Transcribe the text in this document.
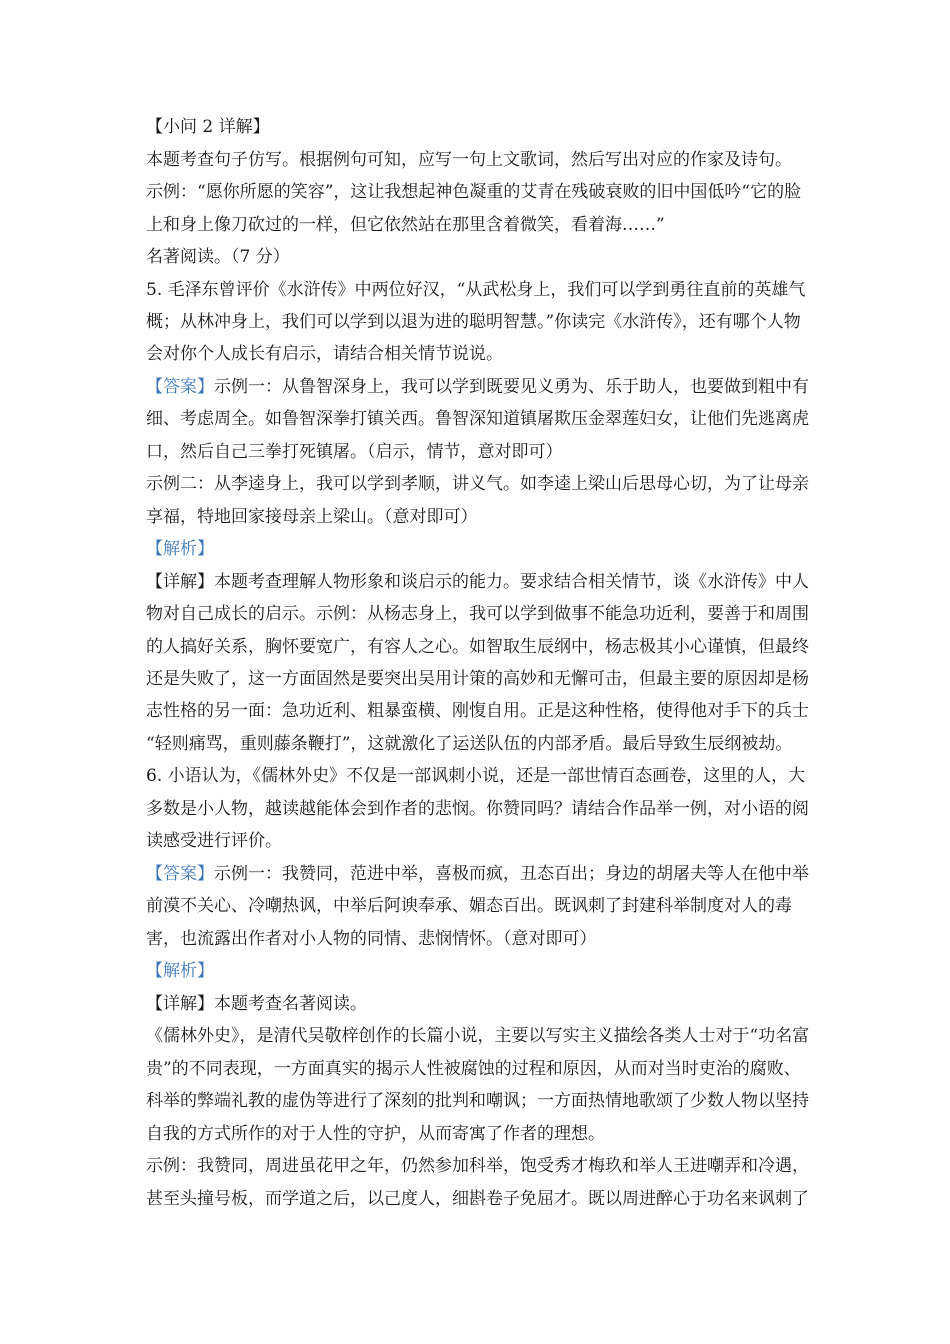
【小问 2 详解】
本题考查句子仿写。根据例句可知，应写一句上文歌词，然后写出对应的作家及诗句。
示例：“愿你所愿的笑容”，这让我想起神色凝重的艾青在残破衰败的旧中国低吟“它的脸
上和身上像刀砍过的一样，但它依然站在那里含着微笑，看着海……”
名著阅读。（7 分）
5. 毛泽东曾评价《水浒传》中两位好汉，“从武松身上，我们可以学到勇往直前的英雄气
概；从林冲身上，我们可以学到以退为进的聪明智慧。”你读完《水浒传》，还有哪个人物
会对你个人成长有启示，请结合相关情节说说。
【答案】示例一：从鲁智深身上，我可以学到既要见义勇为、乐于助人，也要做到粗中有
细、考虑周全。如鲁智深拳打镇关西。鲁智深知道镇屠欺压金翠莲妇女，让他们先逃离虎
口，然后自己三拳打死镇屠。（启示，情节，意对即可）
示例二：从李逵身上，我可以学到孝顺，讲义气。如李逵上梁山后思母心切，为了让母亲
享福，特地回家接母亲上梁山。（意对即可）
【解析】
【详解】本题考查理解人物形象和谈启示的能力。要求结合相关情节，谈《水浒传》中人
物对自己成长的启示。示例：从杨志身上，我可以学到做事不能急功近利，要善于和周围
的人搞好关系，胸怀要宽广，有容人之心。如智取生辰纲中，杨志极其小心谨慎，但最终
还是失败了，这一方面固然是要突出吴用计策的高妙和无懈可击，但最主要的原因却是杨
志性格的另一面：急功近利、粗暴蛮横、刚愎自用。正是这种性格，使得他对手下的兵士
“轻则痛骂，重则藤条鞭打”，这就激化了运送队伍的内部矛盾。最后导致生辰纲被劫。
6. 小语认为，《儒林外史》不仅是一部讽刺小说，还是一部世情百态画卷，这里的人，大
多数是小人物，越读越能体会到作者的悲悯。你赞同吗？请结合作品举一例，对小语的阅
读感受进行评价。
【答案】示例一：我赞同，范进中举，喜极而疯，丑态百出；身边的胡屠夫等人在他中举
前漠不关心、冷嘲热讽，中举后阿谀奉承、媚态百出。既讽刺了封建科举制度对人的毒
害，也流露出作者对小人物的同情、悲悯情怀。（意对即可）
【解析】
【详解】本题考查名著阅读。
《儒林外史》，是清代吴敬梓创作的长篇小说，主要以写实主义描绘各类人士对于“功名富
贵”的不同表现，一方面真实的揭示人性被腐蚀的过程和原因，从而对当时吏治的腐败、
科举的弊端礼教的虚伪等进行了深刻的批判和嘲讽；一方面热情地歌颂了少数人物以坚持
自我的方式所作的对于人性的守护，从而寄寓了作者的理想。
示例：我赞同，周进虽花甲之年，仍然参加科举，饱受秀才梅玖和举人王进嘲弄和冷遇，
甚至头撞号板，而学道之后，以己度人，细斟卷子免屈才。既以周进醉心于功名来讽刺了
